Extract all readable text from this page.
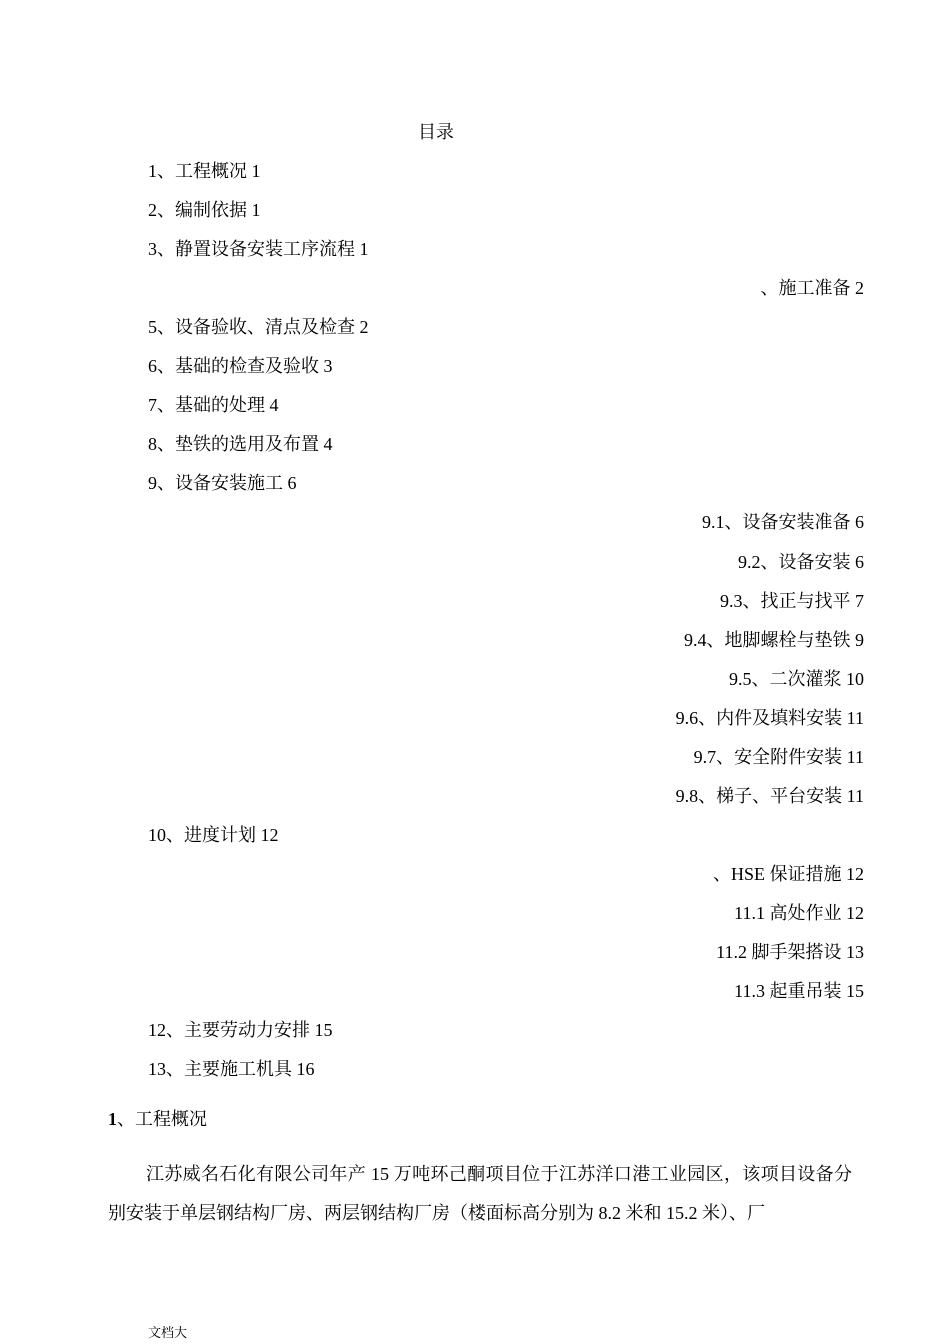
目录
1、工程概况 1
2、编制依据 1
3、静置设备安装工序流程 1
、施工准备 2
5、设备验收、清点及检查 2
6、基础的检查及验收 3
7、基础的处理 4
8、垫铁的选用及布置 4
9、设备安装施工 6
9.1、设备安装准备 6
9.2、设备安装 6
9.3、找正与找平 7
9.4、地脚螺栓与垫铁 9
9.5、二次灌浆 10
9.6、内件及填料安装 11
9.7、安全附件安装 11
9.8、梯子、平台安装 11
10、进度计划 12
、HSE 保证措施 12
11.1 高处作业 12
11.2 脚手架搭设 13
11.3 起重吊装 15
12、主要劳动力安排 15
13、主要施工机具 16
1、工程概况
江苏威名石化有限公司年产 15 万吨环己酮项目位于江苏洋口港工业园区，该项目设备分别安装于单层钢结构厂房、两层钢结构厂房（楼面标高分别为 8.2 米和 15.2 米）、厂
文档大
